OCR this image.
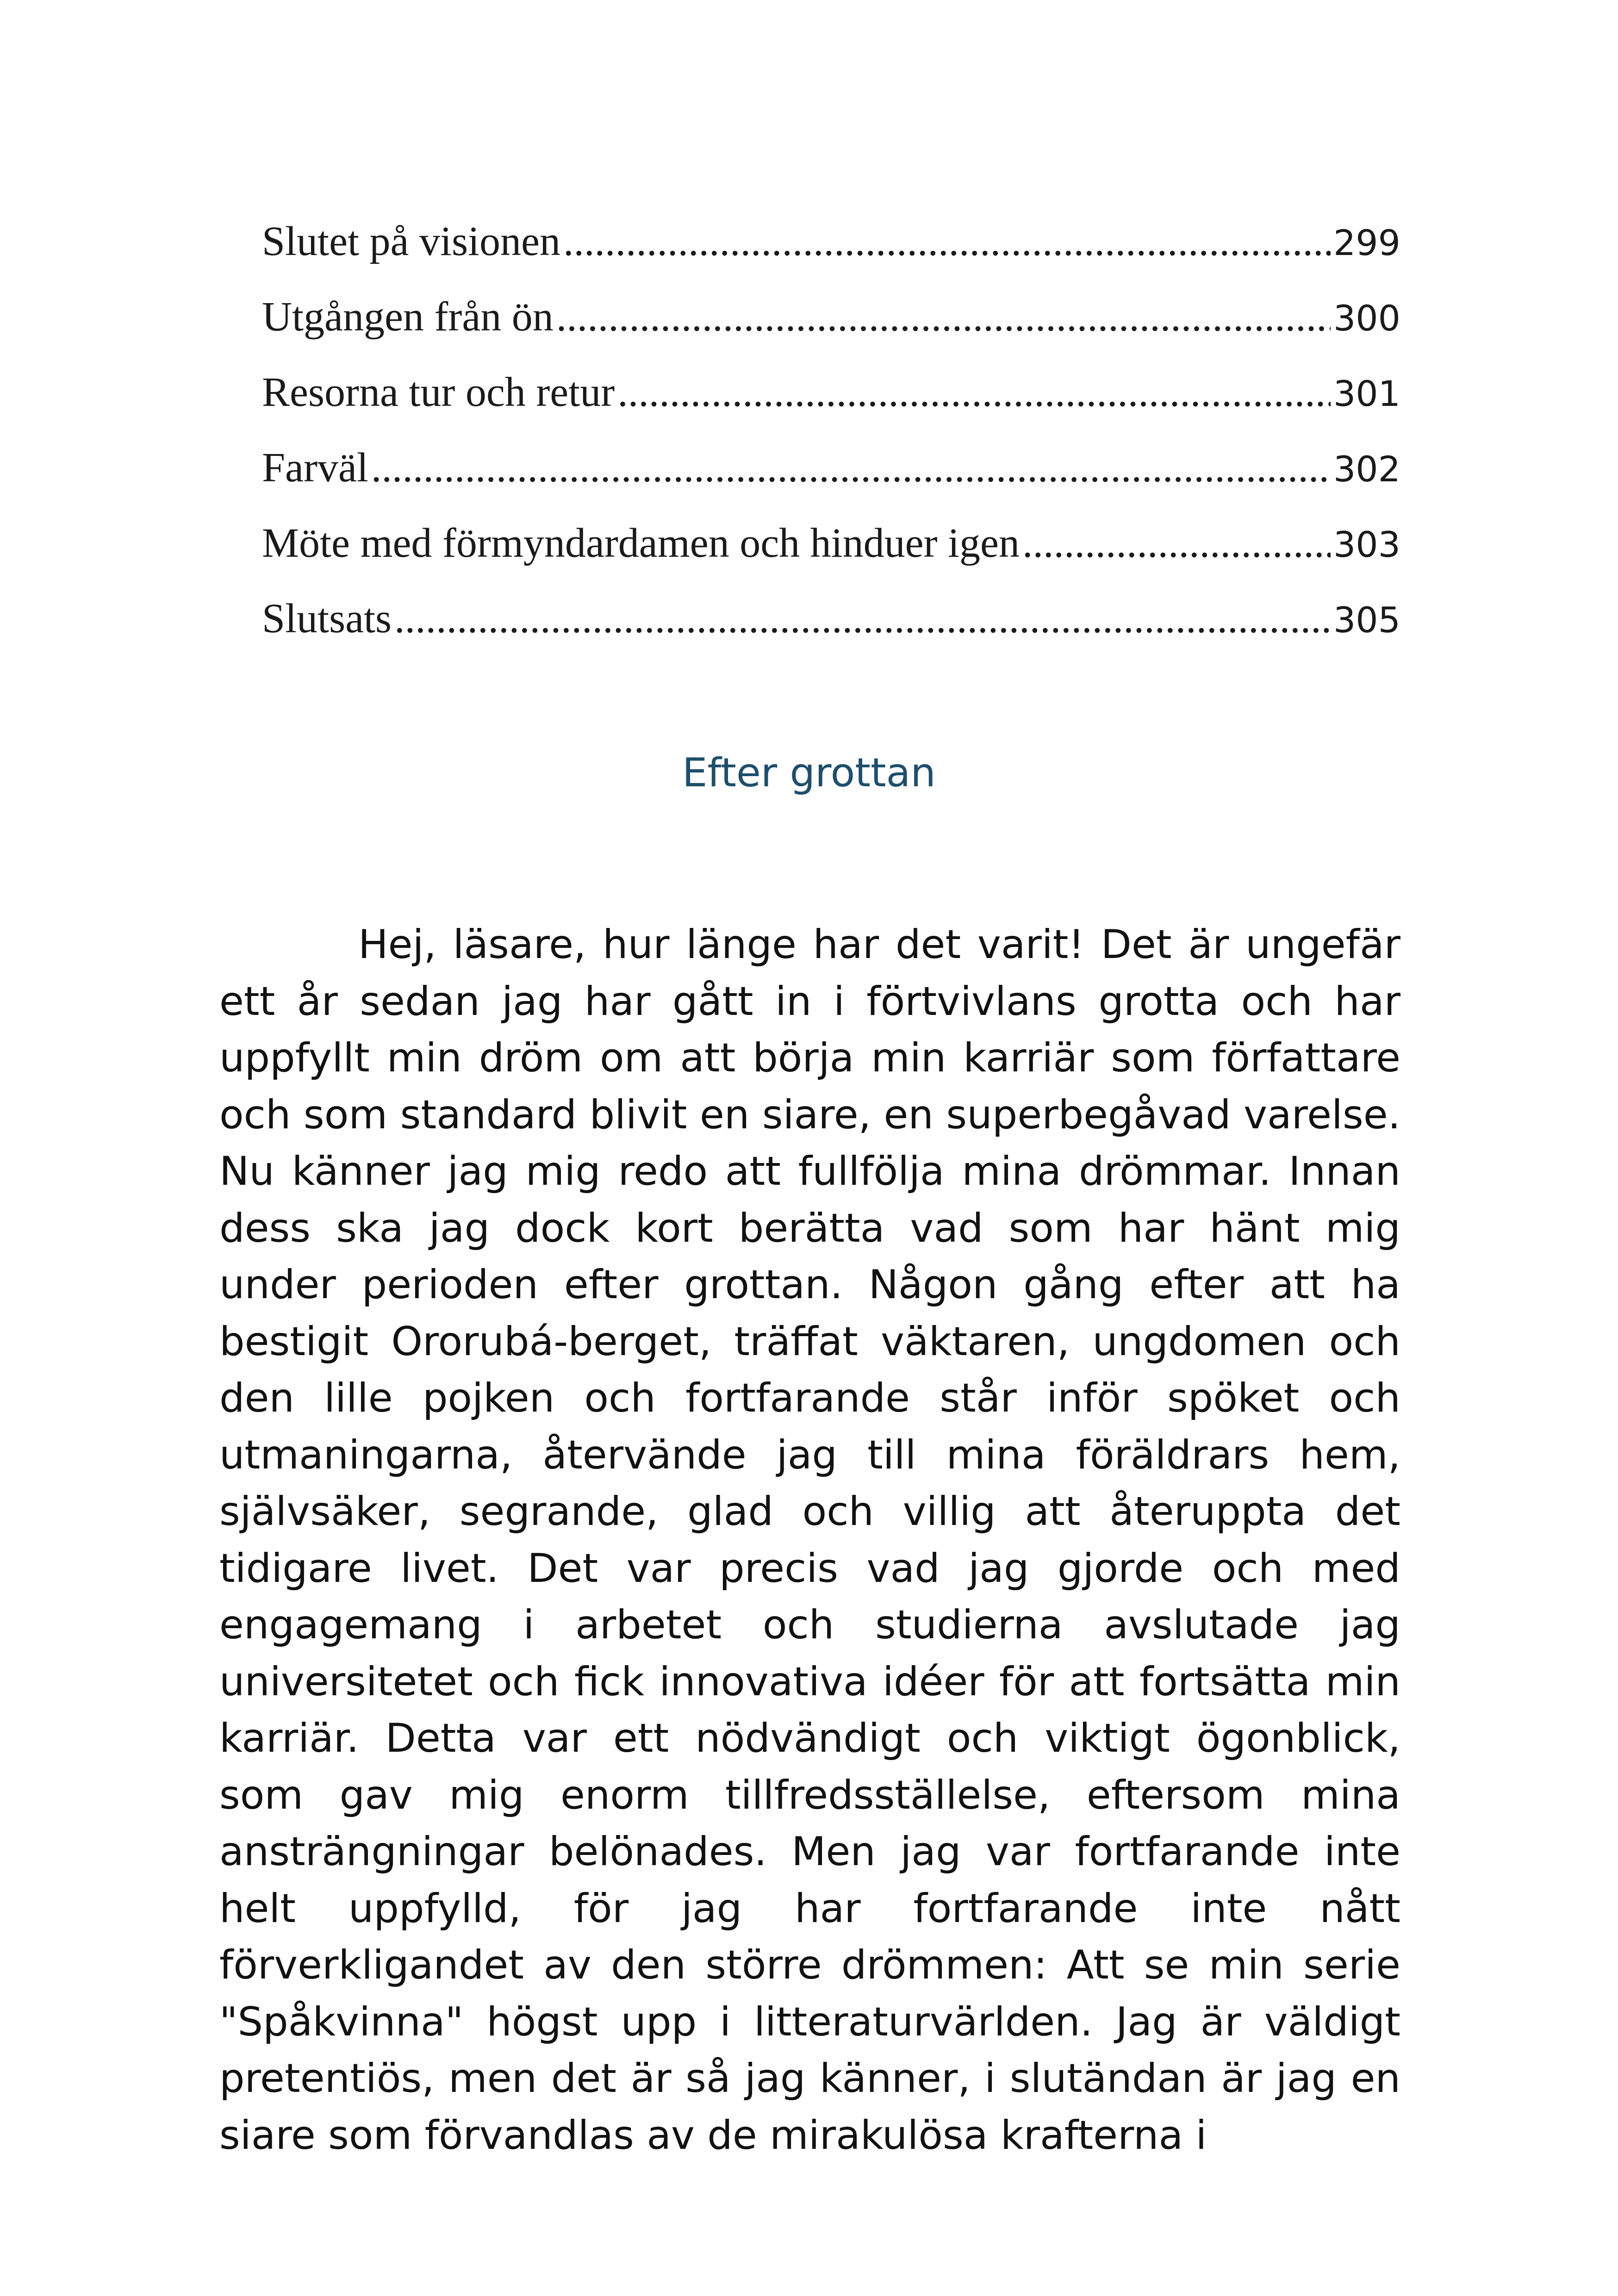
Slutet på visionen .....	299
Utgången från ön .....	300
Resorna tur och retur .....	301
Farväl .....	302
Möte med förmyndardamen och hinduer igen .....	303
Slutsats .....	305
Efter grottan

Hej, läsare, hur länge har det varit! Det är ungefär ett år sedan jag har gått in i förtvivlans grotta och har uppfyllt min dröm om att börja min karriär som författare och som standard blivit en siare, en superbegåvad varelse. Nu känner jag mig redo att fullfölja mina drömmar. Innan dess ska jag dock kort berätta vad som har hänt mig under perioden efter grottan. Någon gång efter att ha bestigit Ororubá-berget, träffat väktaren, ungdomen och den lille pojken och fortfarande står inför spöket och utmaningarna, återvände jag till mina föräldrars hem, självsäker, segrande, glad och villig att återuppta det tidigare livet. Det var precis vad jag gjorde och med engagemang i arbetet och studierna avslutade jag universitetet och fick innovativa idéer för att fortsätta min karriär. Detta var ett nödvändigt och viktigt ögonblick, som gav mig enorm tillfredsställelse, eftersom mina ansträngningar belönades. Men jag var fortfarande inte helt uppfylld, för jag har fortfarande inte nått förverkligandet av den större drömmen: Att se min serie "Spåkvinna" högst upp i litteraturvärlden. Jag är väldigt pretentiös, men det är så jag känner, i slutändan är jag en siare som förvandlas av de mirakulösa krafterna i
